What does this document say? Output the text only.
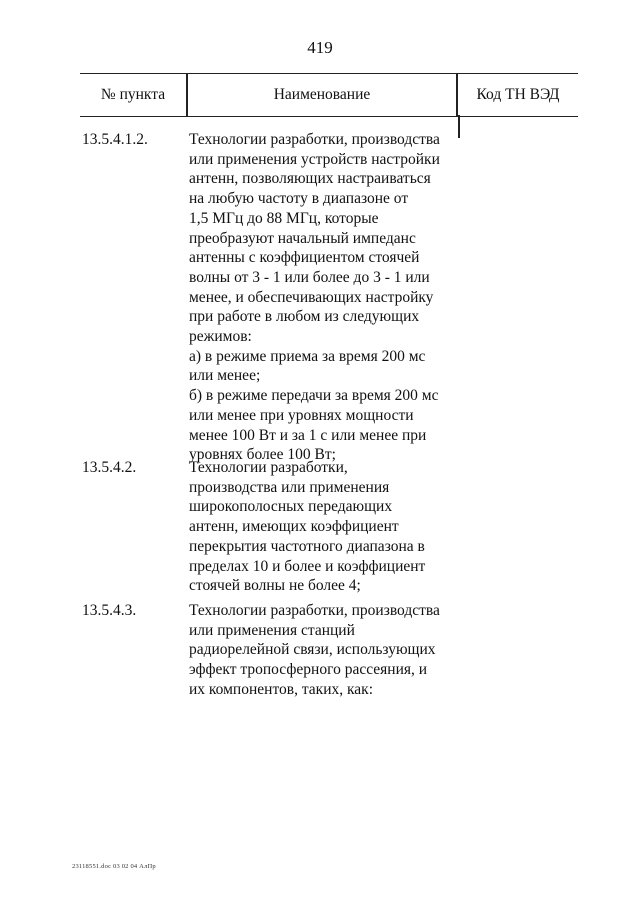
419
№ пункта	Наименование	Код ТН ВЭД
13.5.4.1.2.	Технологии разработки, производства
или применения устройств настройки
антенн, позволяющих настраиваться
на любую частоту в диапазоне от
1,5 МГц до 88 МГц, которые
преобразуют начальный импеданс
антенны с коэффициентом стоячей
волны от 3 - 1 или более до 3 - 1 или
менее, и обеспечивающих настройку
при работе в любом из следующих
режимов:
а) в режиме приема за время 200 мс
или менее;
б) в режиме передачи за время 200 мс
или менее при уровнях мощности
менее 100 Вт и за 1 с или менее при
уровнях более 100 Вт;
13.5.4.2.	Технологии разработки,
производства или применения
широкополосных передающих
антенн, имеющих коэффициент
перекрытия частотного диапазона в
пределах 10 и более и коэффициент
стоячей волны не более 4;
13.5.4.3.	Технологии разработки, производства
или применения станций
радиорелейной связи, использующих
эффект тропосферного рассеяния, и
их компонентов, таких, как:
23118551.doc 03 02 04 АлПр
